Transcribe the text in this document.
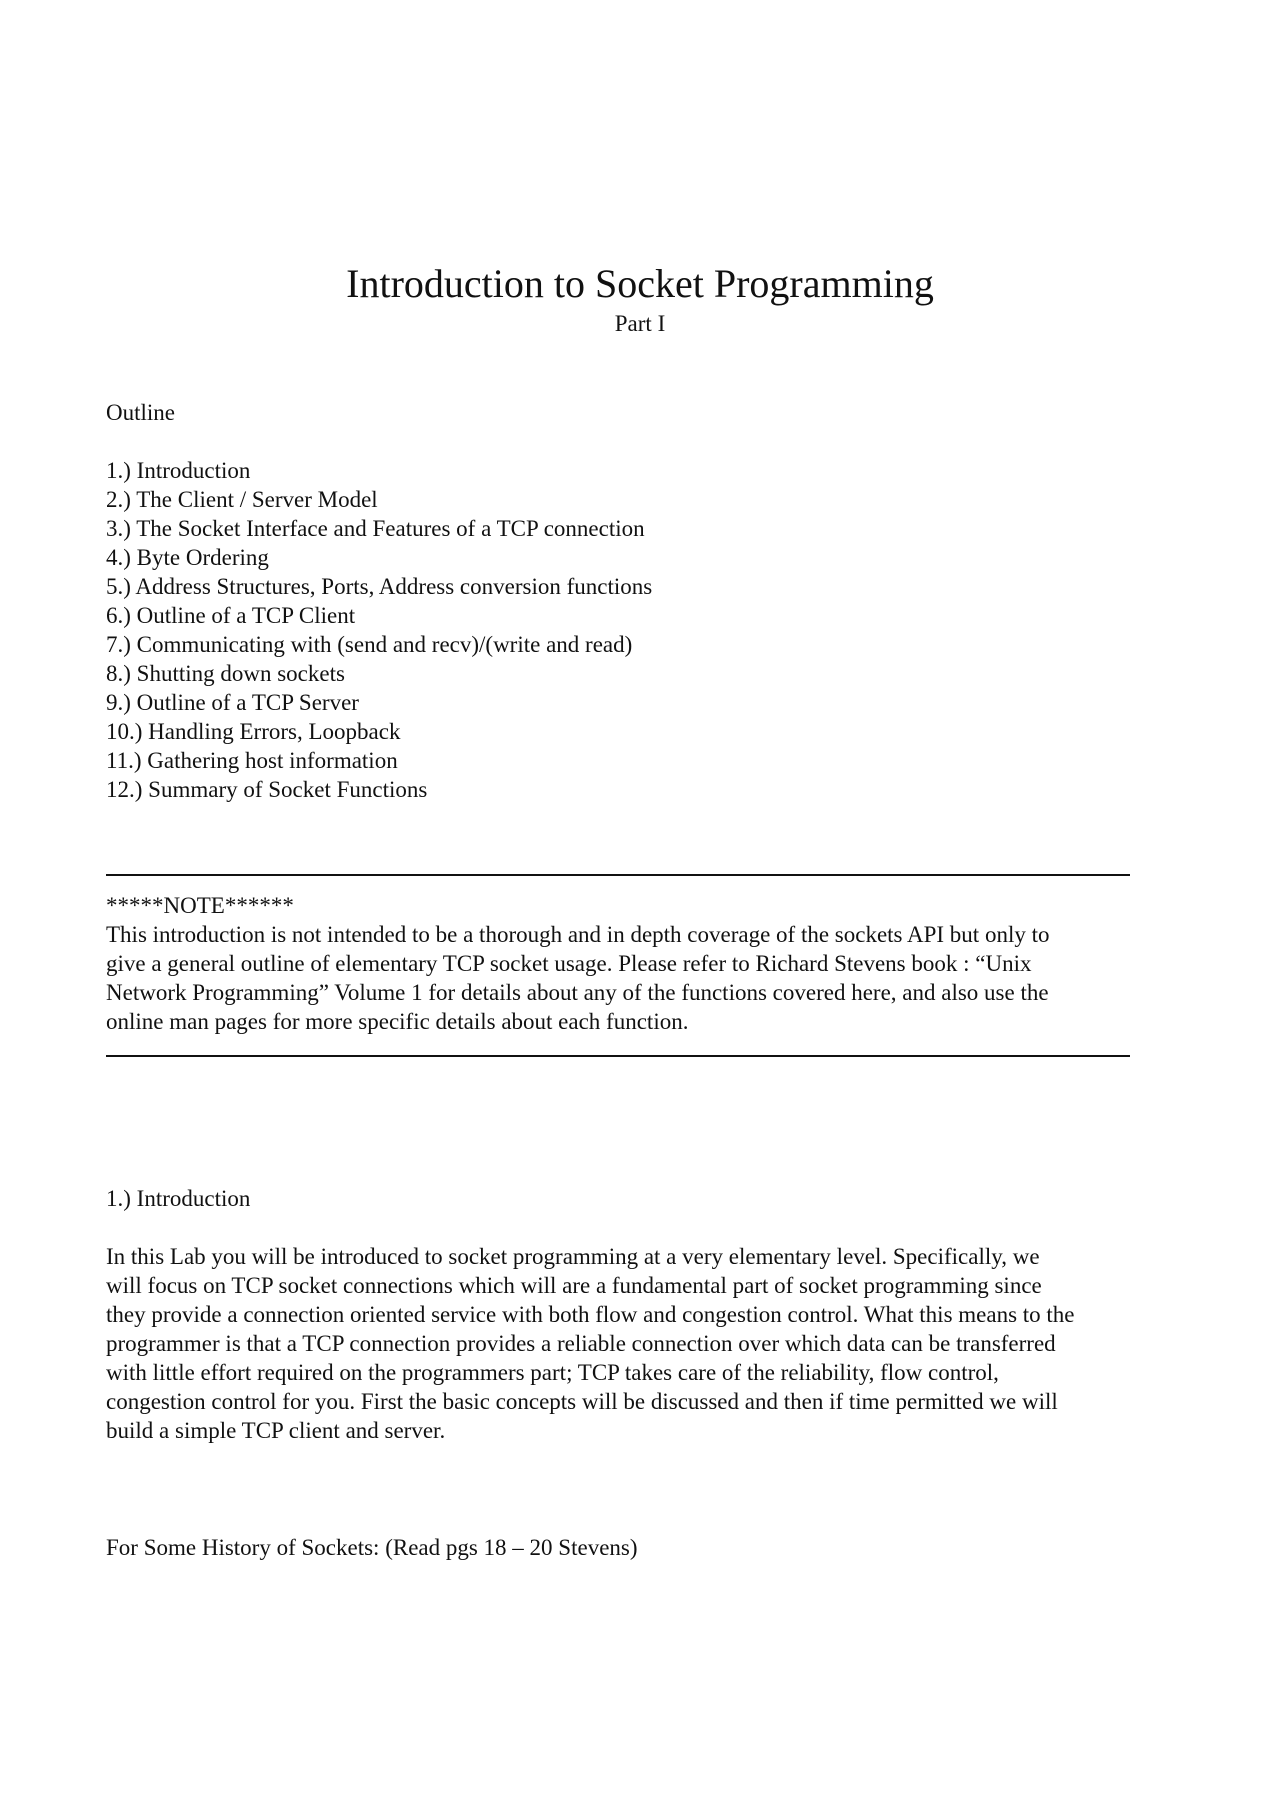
Introduction to Socket Programming
Part I
Outline
1.) Introduction
2.) The Client / Server Model
3.) The Socket Interface and Features of a TCP connection
4.) Byte Ordering
5.) Address Structures, Ports, Address conversion functions
6.) Outline of a TCP Client
7.) Communicating with (send and recv)/(write and read)
8.) Shutting down sockets
9.) Outline of a TCP Server
10.) Handling Errors, Loopback
11.) Gathering host information
12.) Summary of Socket Functions
*****NOTE******

This introduction is not intended to be a thorough and in depth coverage of the sockets API but only to
give a general outline of elementary TCP socket usage. Please refer to Richard Stevens book : “Unix
Network Programming” Volume 1 for details about any of the functions covered here, and also use the
online man pages for more specific details about each function.

1.) Introduction

In this Lab you will be introduced to socket programming at a very elementary level. Specifically, we
will focus on TCP socket connections which will are a fundamental part of socket programming since
they provide a connection oriented service with both flow and congestion control. What this means to the
programmer is that a TCP connection provides a reliable connection over which data can be transferred
with little effort required on the programmers part; TCP takes care of the reliability, flow control,
congestion control for you. First the basic concepts will be discussed and then if time permitted we will
build a simple TCP client and server.

For Some History of Sockets: (Read pgs 18 – 20 Stevens)
